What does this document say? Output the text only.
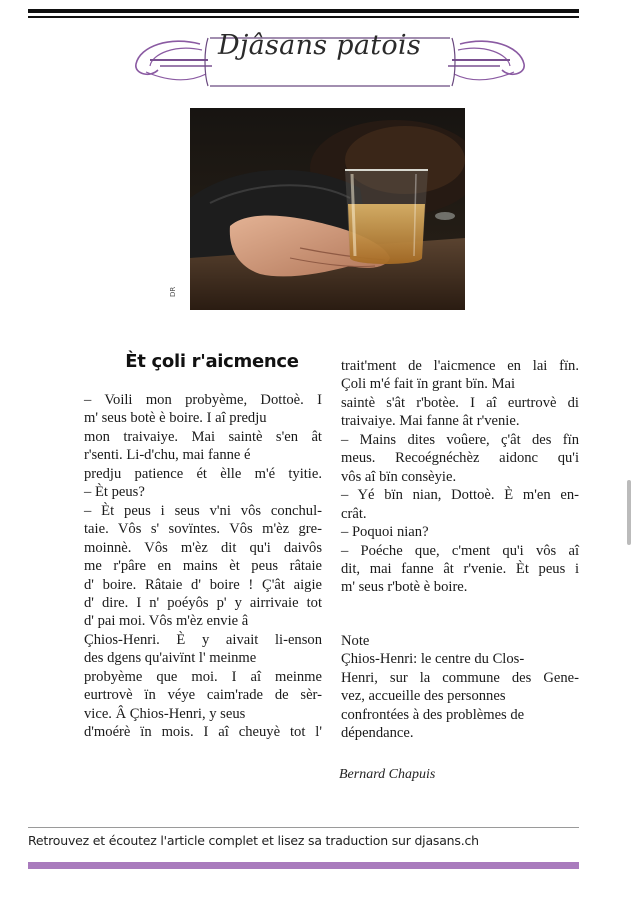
Djâsans patois
DR
Èt çoli r'aicmence
– Voili mon probyème, Dottoè. I
m' seus botè è boire. I aî predju
mon traivaiye. Mai saintè s'en ât
r'senti. Li-d'chu, mai fanne é
predju patience ét èlle m'é tyitie.
– Èt peus?
– Èt peus i seus v'ni vôs conchul-
taie. Vôs s' sovïntes. Vôs m'èz gre-
moinnè. Vôs m'èz dit qu'i daivôs
me r'pâre en mains èt peus râtaie
d' boire. Râtaie d' boire ! Ç'ât aigie
d' dire. I n' poéyôs p' y airrivaie tot
d' pai moi. Vôs m'èz envie â
Çhios-Henri. È y aivait li-enson
des dgens qu'aivïnt l' meinme
probyème que moi. I aî meinme
eurtrovè ïn véye caim'rade de sèr-
vice. Â Çhios-Henri, y seus
d'moérè ïn mois. I aî cheuyè tot l'
trait'ment de l'aicmence en lai fïn.
Çoli m'é fait ïn grant bïn. Mai
saintè s'ât r'botèe. I aî eurtrovè di
traivaiye. Mai fanne ât r'venie.
– Mains dites voûere, ç'ât des fïn
meus. Recoégnéchèz aidonc qu'i
vôs aî bïn consèyie.
– Yé bïn nian, Dottoè. È m'en en-
crât.
– Poquoi nian?
– Poéche que, c'ment qu'i vôs aî
dit, mai fanne ât r'venie. Èt peus i
m' seus r'botè è boire.
Note
Çhios-Henri: le centre du Clos-
Henri, sur la commune des Gene-
vez, accueille des personnes
confrontées à des problèmes de
dépendance.
Bernard Chapuis
Retrouvez et écoutez l'article complet et lisez sa traduction sur djasans.ch
